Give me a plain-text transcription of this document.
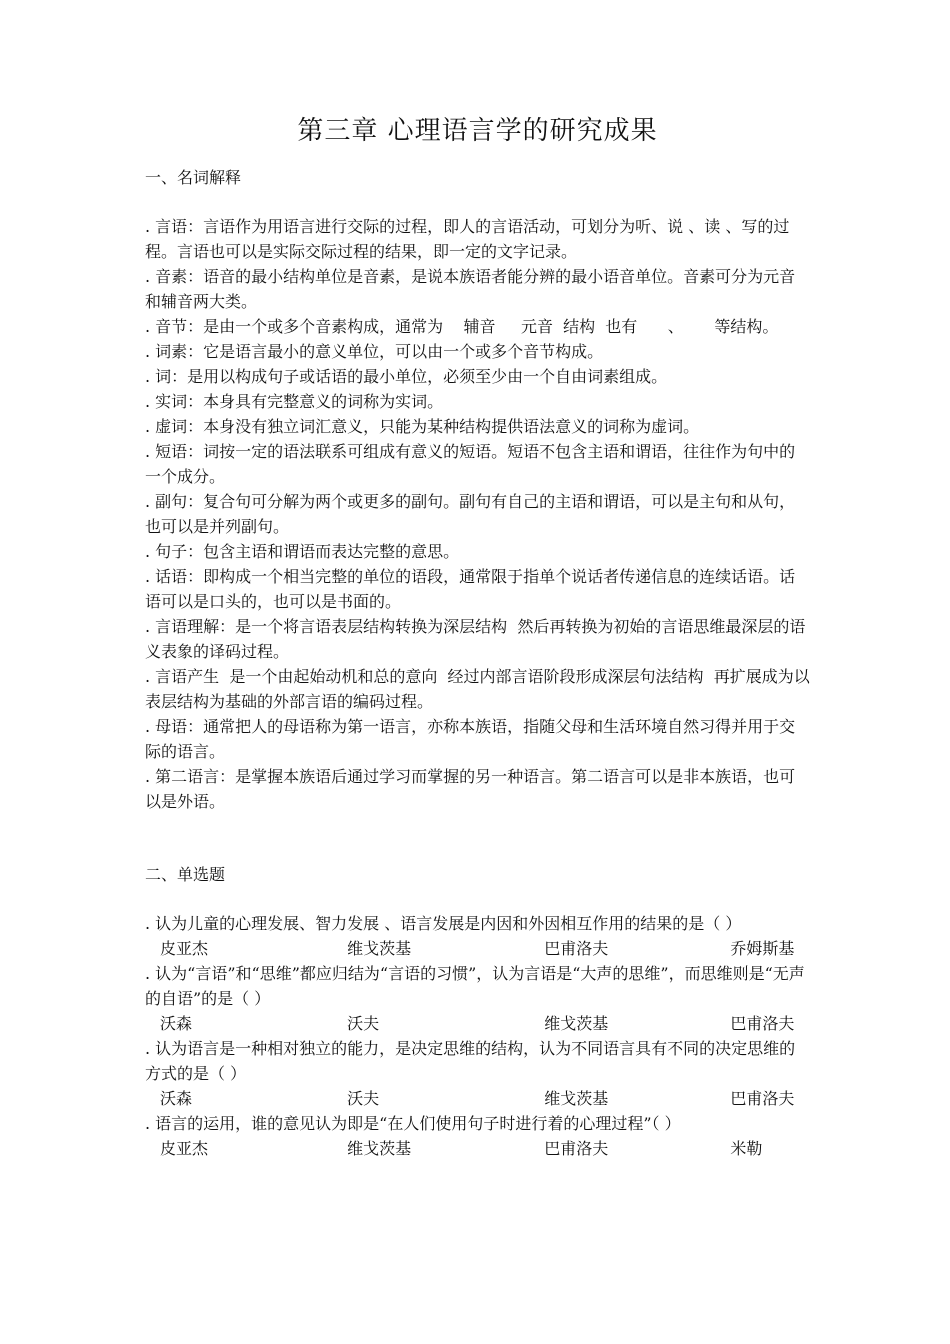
第三章 心理语言学的研究成果

一、名词解释

. 言语：言语作为用语言进行交际的过程，即人的言语活动，可划分为听、说 、读 、写的过程。言语也可以是实际交际过程的结果，即一定的文字记录。

. 音素：语音的最小结构单位是音素，是说本族语者能分辨的最小语音单位。音素可分为元音和辅音两大类。

. 音节：是由一个或多个音素构成，通常为    辅音     元音  结构  也有      、      等结构。

. 词素：它是语言最小的意义单位，可以由一个或多个音节构成。

. 词：是用以构成句子或话语的最小单位，必须至少由一个自由词素组成。

. 实词：本身具有完整意义的词称为实词。

. 虚词：本身没有独立词汇意义，只能为某种结构提供语法意义的词称为虚词。

. 短语：词按一定的语法联系可组成有意义的短语。短语不包含主语和谓语，往往作为句中的一个成分。

. 副句：复合句可分解为两个或更多的副句。副句有自己的主语和谓语，可以是主句和从句，也可以是并列副句。

. 句子：包含主语和谓语而表达完整的意思。

. 话语：即构成一个相当完整的单位的语段，通常限于指单个说话者传递信息的连续话语。话语可以是口头的，也可以是书面的。

. 言语理解：是一个将言语表层结构转换为深层结构  然后再转换为初始的言语思维最深层的语义表象的译码过程。

. 言语产生  是一个由起始动机和总的意向  经过内部言语阶段形成深层句法结构  再扩展成为以表层结构为基础的外部言语的编码过程。

. 母语：通常把人的母语称为第一语言，亦称本族语，指随父母和生活环境自然习得并用于交际的语言。

. 第二语言：是掌握本族语后通过学习而掌握的另一种语言。第二语言可以是非本族语，也可以是外语。

二、单选题

. 认为儿童的心理发展、智力发展 、语言发展是内因和外因相互作用的结果的是（ ）

皮亚杰	维戈茨基	巴甫洛夫	乔姆斯基

. 认为“言语”和“思维”都应归结为“言语的习惯”，认为言语是“大声的思维”，而思维则是“无声的自语”的是（ ）

沃森	沃夫	维戈茨基	巴甫洛夫

. 认为语言是一种相对独立的能力，是决定思维的结构，认为不同语言具有不同的决定思维的方式的是（ ）

沃森	沃夫	维戈茨基	巴甫洛夫

. 语言的运用，谁的意见认为即是“在人们使用句子时进行着的心理过程”（ ）

皮亚杰	维戈茨基	巴甫洛夫	米勒
